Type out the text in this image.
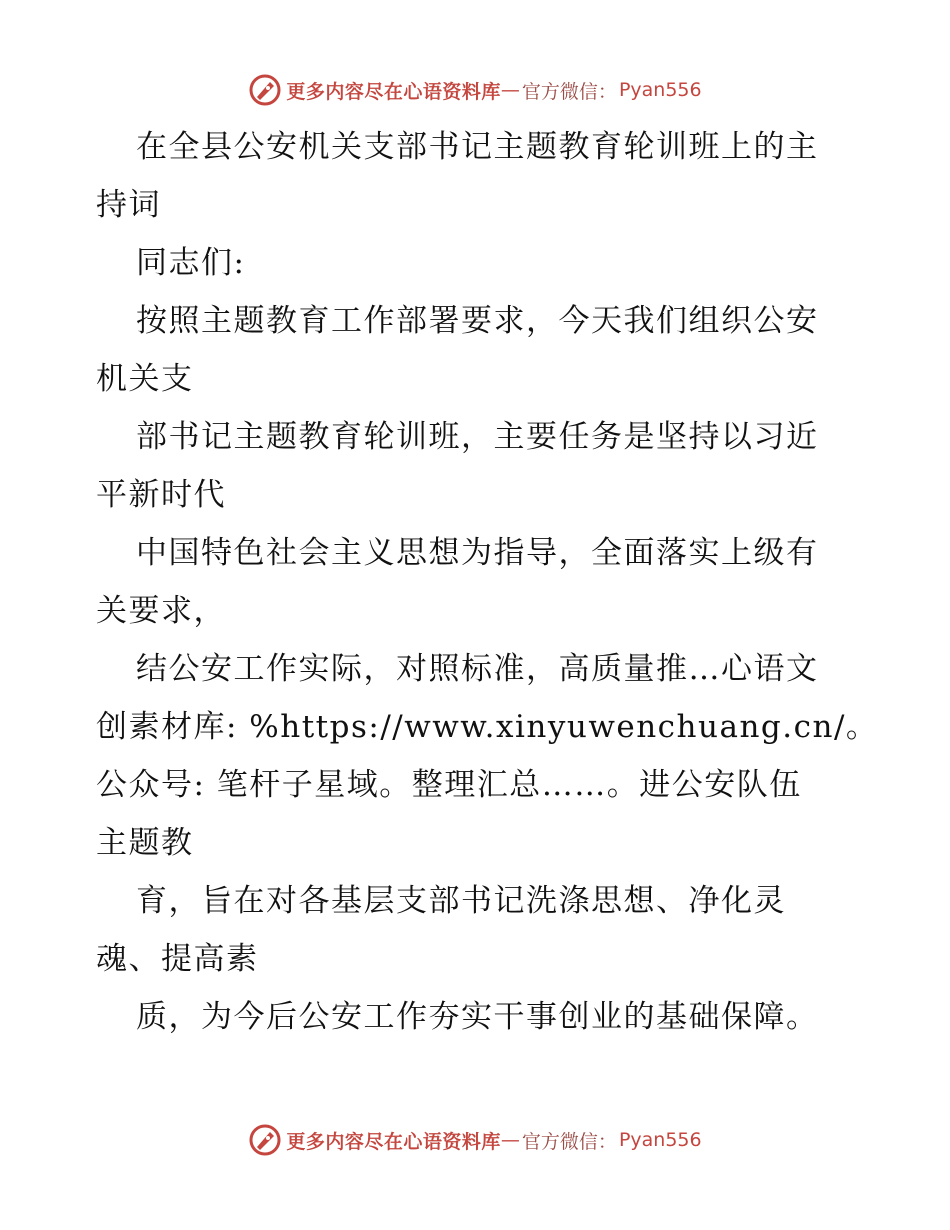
更多内容尽在心语资料库 — 官方微信： Pyan556
在全县公安机关支部书记主题教育轮训班上的主
持词
同志们:
按照主题教育工作部署要求，今天我们组织公安
机关支
部书记主题教育轮训班，主要任务是坚持以习近
平新时代
中国特色社会主义思想为指导，全面落实上级有
关要求，
结公安工作实际，对照标准，高质量推…心语文
创素材库: %https://www.xinyuwenchuang.cn/。
公众号: 笔杆子星域。整理汇总……。进公安队伍
主题教
育，旨在对各基层支部书记洗涤思想、净化灵
魂、提高素
质，为今后公安工作夯实干事创业的基础保障。
更多内容尽在心语资料库 — 官方微信： Pyan556
